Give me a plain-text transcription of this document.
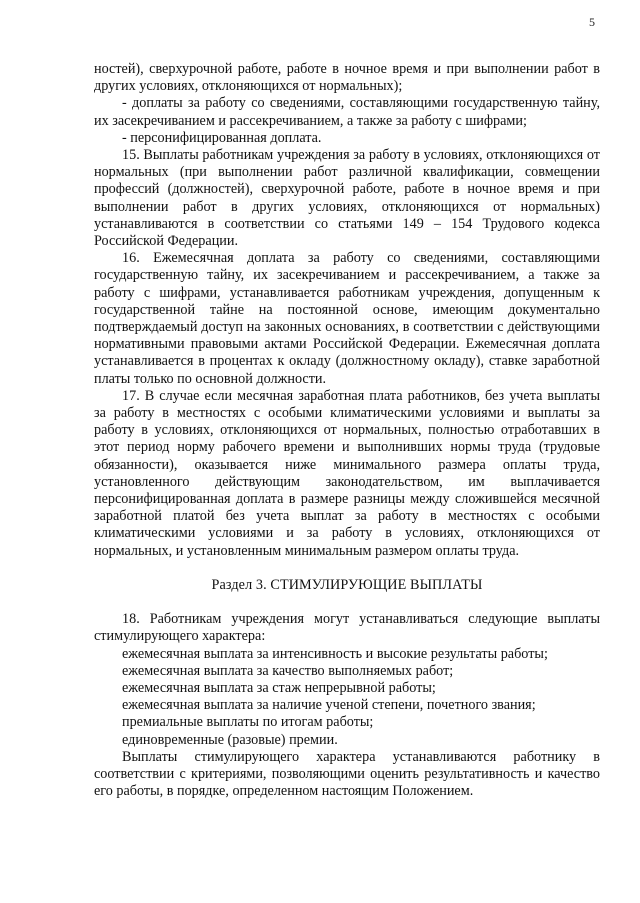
5

ностей), сверхурочной работе, работе в ночное время и при выполнении работ в других условиях, отклоняющихся от нормальных);

- доплаты за работу со сведениями, составляющими государственную тайну, их засекречиванием и рассекречиванием, а также за работу с шифрами;

- персонифицированная доплата.

15. Выплаты работникам учреждения за работу в условиях, отклоняющихся от нормальных (при выполнении работ различной квалификации, совмещении профессий (должностей), сверхурочной работе, работе в ночное время и при выполнении работ в других условиях, отклоняющихся от нормальных) устанавливаются в соответствии со статьями 149 – 154 Трудового кодекса Российской Федерации.

16. Ежемесячная доплата за работу со сведениями, составляющими государственную тайну, их засекречиванием и рассекречиванием, а также за работу с шифрами, устанавливается работникам учреждения, допущенным к государственной тайне на постоянной основе, имеющим документально подтверждаемый доступ на законных основаниях, в соответствии с действующими нормативными правовыми актами Российской Федерации. Ежемесячная доплата устанавливается в процентах к окладу (должностному окладу), ставке заработной платы только по основной должности.

17. В случае если месячная заработная плата работников, без учета выплаты за работу в местностях с особыми климатическими условиями и выплаты за работу в условиях, отклоняющихся от нормальных, полностью отработавших в этот период норму рабочего времени и выполнивших нормы труда (трудовые обязанности), оказывается ниже минимального размера оплаты труда, установленного действующим законодательством, им выплачивается персонифицированная доплата в размере разницы между сложившейся месячной заработной платой без учета выплат за работу в местностях с особыми климатическими условиями и за работу в условиях, отклоняющихся от нормальных, и установленным минимальным размером оплаты труда.

Раздел 3. СТИМУЛИРУЮЩИЕ ВЫПЛАТЫ

18. Работникам учреждения могут устанавливаться следующие выплаты стимулирующего характера:

ежемесячная выплата за интенсивность и высокие результаты работы;

ежемесячная выплата за качество выполняемых работ;

ежемесячная выплата за стаж непрерывной работы;

ежемесячная выплата за наличие ученой степени, почетного звания;

премиальные выплаты по итогам работы;

единовременные (разовые) премии.

Выплаты стимулирующего характера устанавливаются работнику в соответствии с критериями, позволяющими оценить результативность и качество его работы, в порядке, определенном настоящим Положением.
